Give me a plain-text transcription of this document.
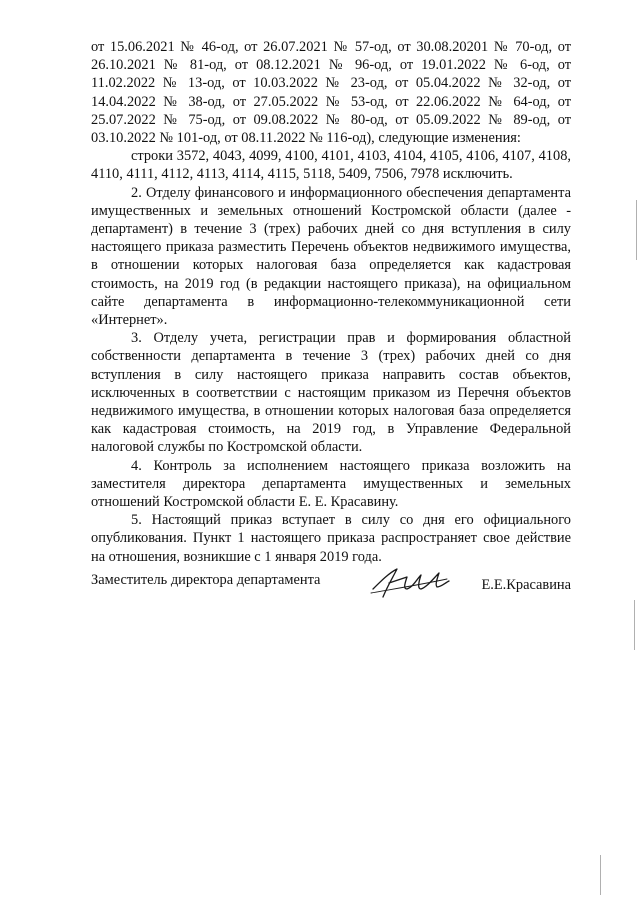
от 15.06.2021 № 46-од, от 26.07.2021 № 57-од, от 30.08.20201 № 70-од, от 26.10.2021 № 81-од, от 08.12.2021 № 96-од, от 19.01.2022 № 6-од, от 11.02.2022 № 13-од, от 10.03.2022 № 23-од, от 05.04.2022 № 32-од, от 14.04.2022 № 38-од, от 27.05.2022 № 53-од, от 22.06.2022 № 64-од, от 25.07.2022 № 75-од, от 09.08.2022 № 80-од, от 05.09.2022 № 89-од, от 03.10.2022 № 101-од, от 08.11.2022 № 116-од), следующие изменения:

строки 3572, 4043, 4099, 4100, 4101, 4103, 4104, 4105, 4106, 4107, 4108, 4110, 4111, 4112, 4113, 4114, 4115, 5118, 5409, 7506, 7978 исключить.

2. Отделу финансового и информационного обеспечения департамента имущественных и земельных отношений Костромской области (далее - департамент) в течение 3 (трех) рабочих дней со дня вступления в силу настоящего приказа разместить Перечень объектов недвижимого имущества, в отношении которых налоговая база определяется как кадастровая стоимость, на 2019 год (в редакции настоящего приказа), на официальном сайте департамента в информационно-телекоммуникационной сети «Интернет».

3. Отделу учета, регистрации прав и формирования областной собственности департамента в течение 3 (трех) рабочих дней со дня вступления в силу настоящего приказа направить состав объектов, исключенных в соответствии с настоящим приказом из Перечня объектов недвижимого имущества, в отношении которых налоговая база определяется как кадастровая стоимость, на 2019 год, в Управление Федеральной налоговой службы по Костромской области.

4. Контроль за исполнением настоящего приказа возложить на заместителя директора департамента имущественных и земельных отношений Костромской области Е. Е. Красавину.

5. Настоящий приказ вступает в силу со дня его официального опубликования. Пункт 1 настоящего приказа распространяет свое действие на отношения, возникшие с 1 января 2019 года.

Заместитель директора департамента	Е.Е.Красавина
